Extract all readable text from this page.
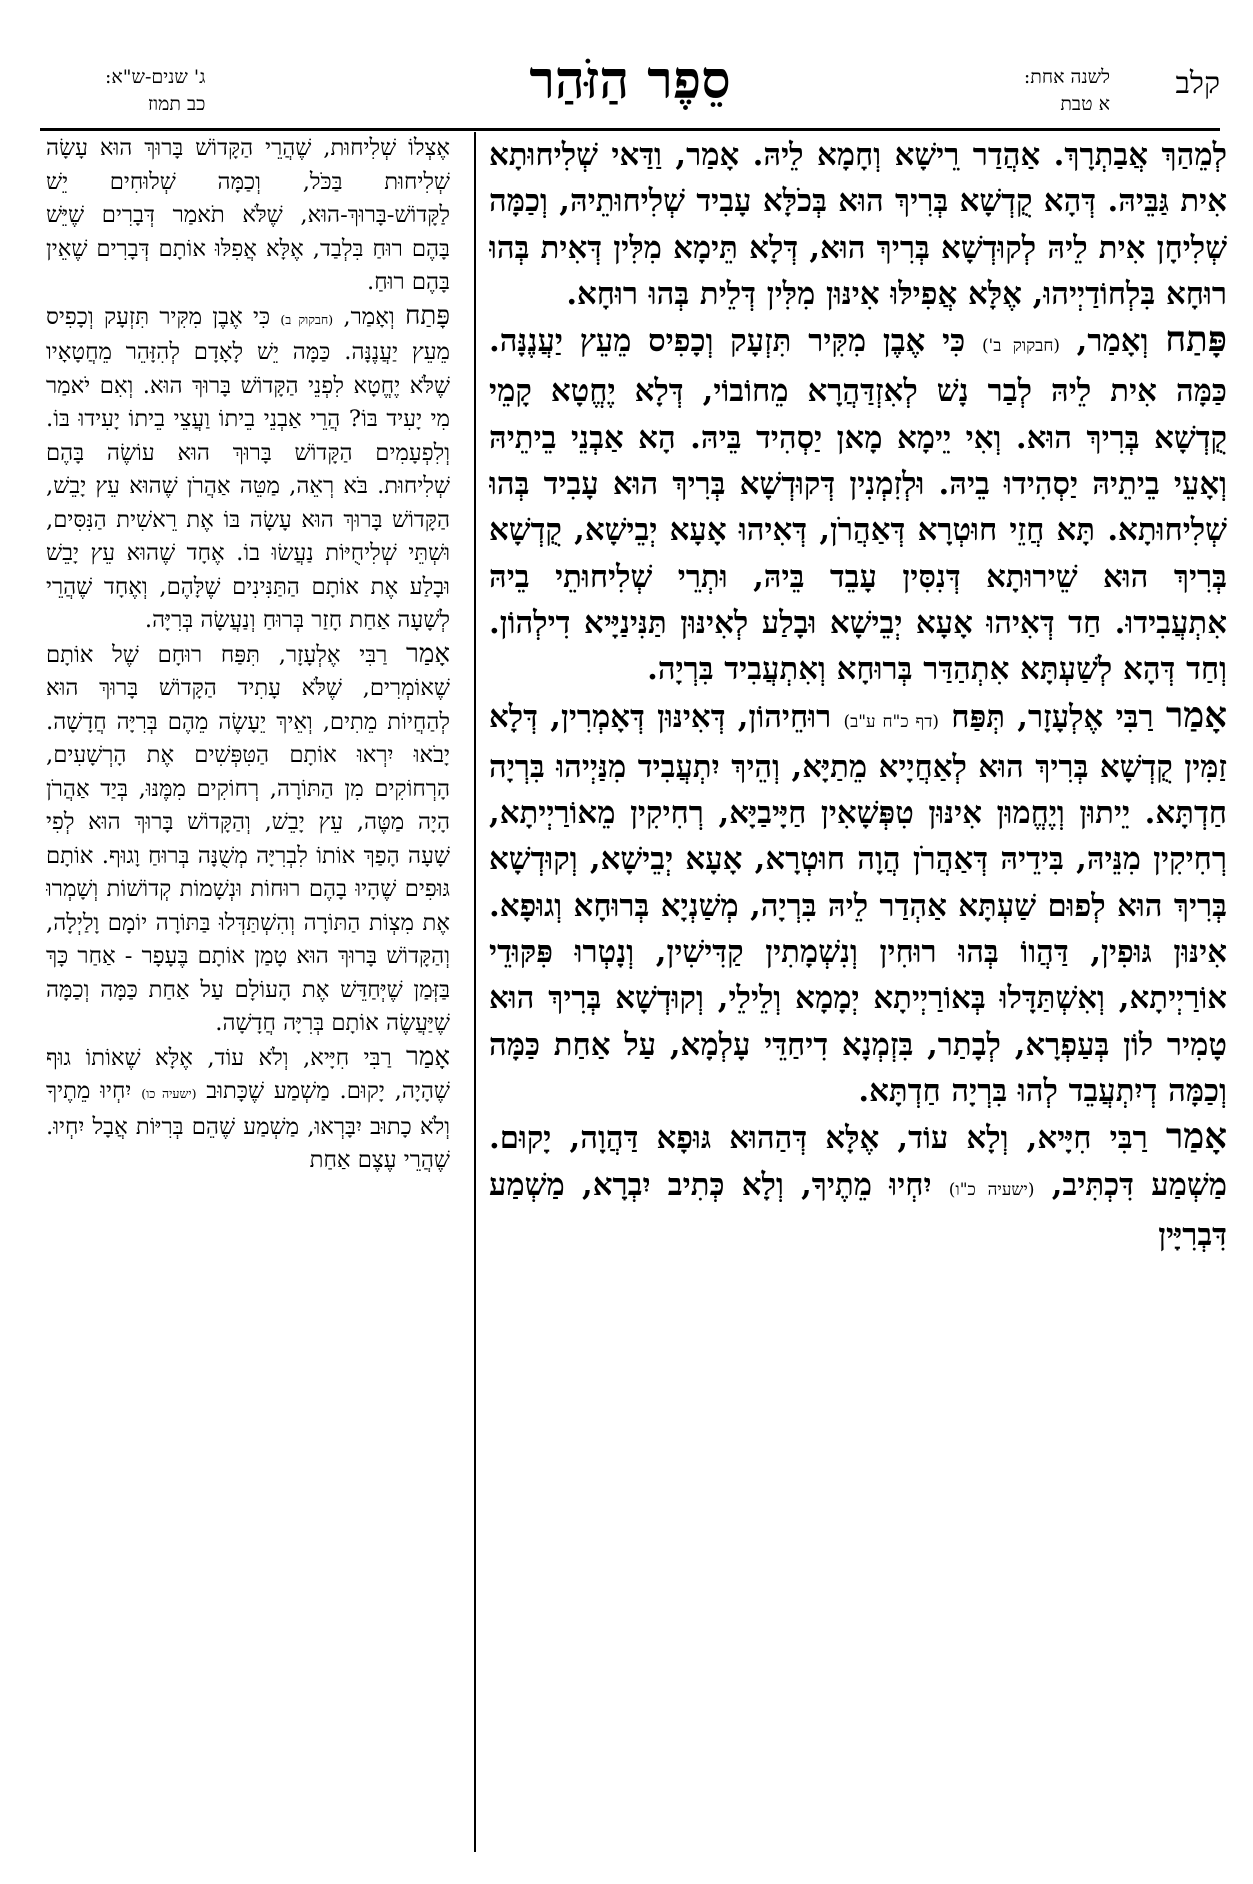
קלב
לשנה אחת:
א טבת
סֵפֶר הַזֹּהַר
ג' שנים-ש"א:
כב תמוז

לְמֵהַךְ אֲבַתְרָךְ. אַהֲדַר רֵישָׁא וְחָמָא לֵיהּ. אָמַר, וַדַּאי שְׁלִיחוּתָא אִית גַּבֵּיהּ. דְּהָא קֻדְשָׁא בְּרִיךְ הוּא בְּכֹלָּא עָבִיד שְׁלִיחוּתֵיהּ, וְכַמָּה שְׁלִיחָן אִית לֵיהּ לְקוּדְשָׁא בְּרִיךְ הוּא, דְּלָא תֵּימָא מִלִּין דְּאִית בְּהוּ רוּחָא בִּלְחוֹדַיְיהוּ, אֶלָּא אֲפִילּוּ אִינּוּן מִלִּין דְּלֵית בְּהוּ רוּחָא.

פָּתַח וְאָמַר, (חבקוק ב') כִּי אֶבֶן מִקִּיר תִּזְעָק וְכָפִיס מֵעֵץ יַעֲנֶנָּה. כַּמָּה אִית לֵיהּ לְבַר נָשׁ לְאִזְדַּהֲרָא מֵחוֹבוֹי, דְּלָא יֶחֱטָא קָמֵי קֻדְשָׁא בְּרִיךְ הוּא. וְאִי יֵימָא מָאן יַסְהִיד בֵּיהּ. הָא אַבְנֵי בֵיתֵיהּ וְאָעֵי בֵיתֵיהּ יַסְהִידוּ בֵיהּ. וּלְזִמְנִין דְּקוּדְשָׁא בְּרִיךְ הוּא עָבִיד בְּהוּ שְׁלִיחוּתָא. תָּא חֲזֵי חוּטְרָא דְּאַהֲרֹן, דְּאִיהוּ אָעָא יְבֵישָׁא, קֻדְשָׁא בְּרִיךְ הוּא שֵׁירוּתָא דְּנִסִּין עָבֵד בֵּיהּ, וּתְרֵי שְׁלִיחוּתֵי בֵיהּ אִתְעֲבִידוּ. חַד דְּאִיהוּ אָעָא יְבֵישָׁא וּבָלַע לְאִינּוּן תַּנִּינַיָּיא דִילְהוֹן. וְחַד דְּהָא לְשַׁעְתָּא אִתְהַדַּר בְּרוּחָא וְאִתְעֲבִיד בִּרְיָה.

אָמַר רַבִּי אֶלְעָזָר, תְּפַּח (דף כ"ח ע"ב) רוּחֵיהוֹן, דְּאִינּוּן דְּאָמְרִין, דְּלָא זַמִּין קֻדְשָׁא בְּרִיךְ הוּא לְאַחֲיָיא מֵתַיָּא, וְהֵיךְ יִתְעֲבִיד מִנַּיְיהוּ בִּרְיָה חַדְתָּא. יֵיתוּן וְיֶחֱמוּן אִינּוּן טִפְּשָׁאִין חַיָּיבַיָּא, רְחִיקִין מֵאוֹרַיְיתָא, רְחִיקִין מִנֵּיהּ, בִּידֵיהּ דְּאַהֲרֹן הֲוָה חוּטְרָא, אָעָא יְבֵישָׁא, וְקוּדְשָׁא בְּרִיךְ הוּא לְפוּם שַׁעְתָּא אַהְדַר לֵיהּ בִּרְיָה, מְשַׁנְיָא בְּרוּחָא וְגוּפָא. אִינּוּן גּוּפִין, דַּהֲווֹ בְּהוּ רוּחִין וְנִשְׁמָתִין קַדִּישִׁין, וְנָטְרוּ פִּקּוּדֵי אוֹרַיְיתָא, וְאִשְׁתַּדָּלוּ בְּאוֹרַיְיתָא יְמָמָא וְלֵילֵי, וְקוּדְשָׁא בְּרִיךְ הוּא טָמִיר לוֹן בְּעַפְרָא, לְבָתַר, בִּזְמְנָא דִיחַדֵּי עָלְמָא, עַל אַחַת כַּמָּה וְכַמָּה דְיִתְעֲבֵד לְהוּ בִּרְיָה חַדְתָּא.

אָמַר רַבִּי חִיָּיא, וְלָא עוֹד, אֶלָּא דְּהַהוּא גּוּפָא דַּהֲוָה, יָקוּם. מַשְׁמַע דִּכְתִּיב, (ישעיה כ"ו) יִחְיוּ מֵתֶיךָ, וְלָא כְּתִיב יִבְרָא, מַשְׁמַע דִּבְרִיָּין

אֶצְלוֹ שְׁלִיחוּת, שֶׁהֲרֵי הַקָּדוֹשׁ בָּרוּךְ הוּא עָשָׂה שְׁלִיחוּת בַּכֹּל, וְכַמָּה שְׁלוּחִים יֵשׁ לַקָּדוֹשׁ-בָּרוּךְ-הוּא, שֶׁלֹּא תֹאמַר דְּבָרִים שֶׁיֵּשׁ בָּהֶם רוּחַ בִּלְבַד, אֶלָּא אֲפִלּוּ אוֹתָם דְּבָרִים שֶׁאֵין בָּהֶם רוּחַ.

פָּתַח וְאָמַר, (חבקוק ב) כִּי אֶבֶן מִקִּיר תִּזְעָק וְכָפִיס מֵעֵץ יַעֲנֶנָּה. כַּמָּה יֵשׁ לָאָדָם לְהִזָּהֵר מֵחֲטָאָיו שֶׁלֹּא יֶחֱטָא לִפְנֵי הַקָּדוֹשׁ בָּרוּךְ הוּא. וְאִם יֹאמַר מִי יָעִיד בּוֹ? הֲרֵי אַבְנֵי בֵיתוֹ וַעֲצֵי בֵיתוֹ יָעִידוּ בּוֹ. וְלִפְעָמִים הַקָּדוֹשׁ בָּרוּךְ הוּא עוֹשֶׂה בָּהֶם שְׁלִיחוּת. בֹּא רְאֵה, מַטֵּה אַהֲרֹן שֶׁהוּא עֵץ יָבֵשׁ, הַקָּדוֹשׁ בָּרוּךְ הוּא עָשָׂה בּוֹ אֶת רֵאשִׁית הַנִּסִּים, וּשְׁתֵּי שְׁלִיחֻיּוֹת נַעֲשׂוּ בוֹ. אֶחָד שֶׁהוּא עֵץ יָבֵשׁ וּבָלַע אֶת אוֹתָם הַתַּנִּינִים שֶׁלָּהֶם, וְאֶחָד שֶׁהֲרֵי לְשָׁעָה אַחַת חָזַר בְּרוּחַ וְנַעֲשָׂה בְּרִיָּה.

אָמַר רַבִּי אֶלְעָזָר, תִּפַּח רוּחָם שֶׁל אוֹתָם שֶׁאוֹמְרִים, שֶׁלֹּא עָתִיד הַקָּדוֹשׁ בָּרוּךְ הוּא לְהַחֲיוֹת מֵתִים, וְאֵיךְ יֵעָשֶׂה מֵהֶם בְּרִיָּה חֲדָשָׁה. יָבֹאוּ יִרְאוּ אוֹתָם הַטִּפְּשִׁים אֶת הָרְשָׁעִים, הָרְחוֹקִים מִן הַתּוֹרָה, רְחוֹקִים מִמֶּנּוּ, בְּיַד אַהֲרֹן הָיָה מַטֶּה, עֵץ יָבֵשׁ, וְהַקָּדוֹשׁ בָּרוּךְ הוּא לְפִי שָׁעָה הָפַךְ אוֹתוֹ לִבְרִיָּה מְשֻׁנָּה בְּרוּחַ וָגוּף. אוֹתָם גּוּפִים שֶׁהָיוּ בָהֶם רוּחוֹת וּנְשָׁמוֹת קְדוֹשׁוֹת וְשָׁמְרוּ אֶת מִצְוֹת הַתּוֹרָה וְהִשְׁתַּדְּלוּ בַּתּוֹרָה יוֹמָם וָלַיְלָה, וְהַקָּדוֹשׁ בָּרוּךְ הוּא טָמַן אוֹתָם בֶּעָפָר - אַחַר כָּךְ בַּזְּמַן שֶׁיְּחַדֵּשׁ אֶת הָעוֹלָם עַל אַחַת כַּמָּה וְכַמָּה שֶׁיַּעֲשֶׂה אוֹתָם בְּרִיָּה חֲדָשָׁה.

אָמַר רַבִּי חִיָּיא, וְלֹא עוֹד, אֶלָּא שֶׁאוֹתוֹ גוּף שֶׁהָיָה, יָקוּם. מַשְׁמַע שֶׁכָּתוּב (ישעיה כו) יִחְיוּ מֵתֶיךָ וְלֹא כָתוּב יִבָּרְאוּ, מַשְׁמַע שֶׁהֵם בְּרִיּוֹת אֲבָל יִחְיוּ. שֶׁהֲרֵי עֶצֶם אַחַת
